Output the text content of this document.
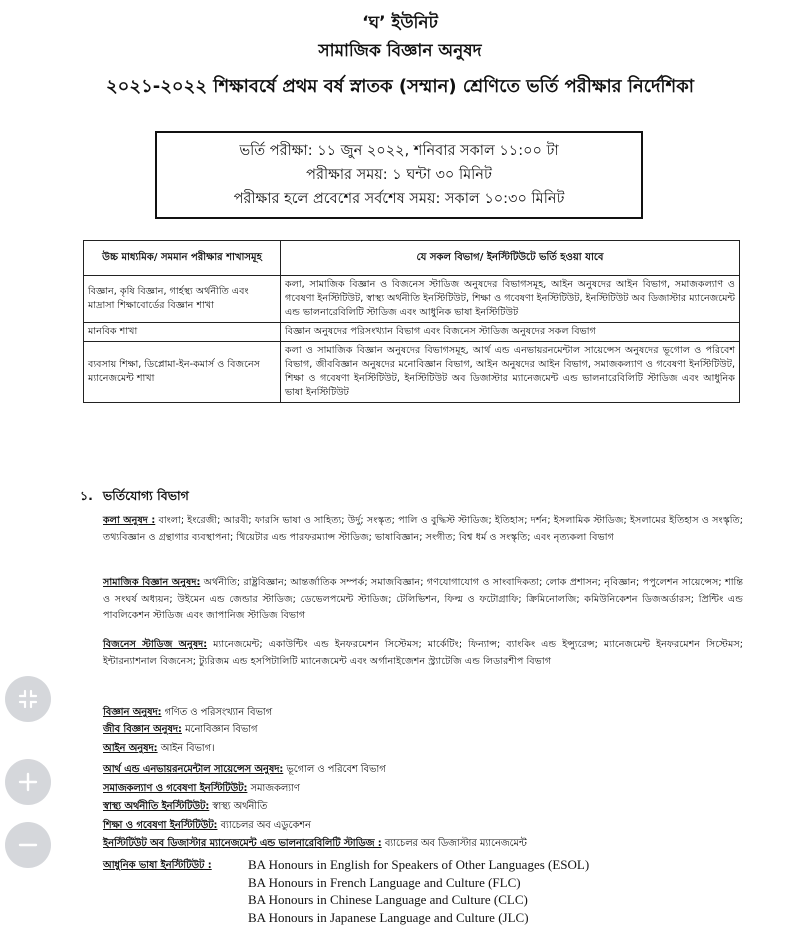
‘ঘ’ ইউনিট
সামাজিক বিজ্ঞান অনুষদ
২০২১-২০২২ শিক্ষাবর্ষে প্রথম বর্ষ স্নাতক (সম্মান) শ্রেণিতে ভর্তি পরীক্ষার নির্দেশিকা
ভর্তি পরীক্ষা: ১১ জুন ২০২২, শনিবার সকাল ১১:০০ টা
পরীক্ষার সময়: ১ ঘন্টা ৩০ মিনিট
পরীক্ষার হলে প্রবেশের সর্বশেষ সময়: সকাল ১০:৩০ মিনিট
উচ্চ মাধ্যমিক/ সমমান পরীক্ষার শাখাসমূহ	যে সকল বিভাগ/ ইনস্টিটিউটে ভর্তি হওয়া যাবে
বিজ্ঞান, কৃষি বিজ্ঞান, গার্হস্থ্য অর্থনীতি এবং মাদ্রাসা শিক্ষাবোর্ডের বিজ্ঞান শাখা	কলা, সামাজিক বিজ্ঞান ও বিজনেস স্টাডিজ অনুষদের বিভাগসমূহ, আইন অনুষদের আইন বিভাগ, সমাজকল্যাণ ও গবেষণা ইনস্টিটিউট, স্বাস্থ্য অর্থনীতি ইনস্টিটিউট, শিক্ষা ও গবেষণা ইনস্টিটিউট, ইনস্টিটিউট অব ডিজাস্টার ম্যানেজমেন্ট এন্ড ভালনারেবিলিটি স্টাডিজ এবং আধুনিক ভাষা ইনস্টিটিউট
মানবিক শাখা	বিজ্ঞান অনুষদের পরিসংখ্যান বিভাগ এবং বিজনেস স্টাডিজ অনুষদের সকল বিভাগ
ব্যবসায় শিক্ষা, ডিপ্লোমা-ইন-কমার্স ও বিজনেস ম্যানেজমেন্ট শাখা	কলা ও সামাজিক বিজ্ঞান অনুষদের বিভাগসমূহ, আর্থ এন্ড এনভায়রনমেন্টাল সায়েন্সেস অনুষদের ভূগোল ও পরিবেশ বিভাগ, জীববিজ্ঞান অনুষদের মনোবিজ্ঞান বিভাগ, আইন অনুষদের আইন বিভাগ, সমাজকল্যাণ ও গবেষণা ইনস্টিটিউট, শিক্ষা ও গবেষণা ইনস্টিটিউট, ইনস্টিটিউট অব ডিজাস্টার ম্যানেজমেন্ট এন্ড ভালনারেবিলিটি স্টাডিজ এবং আধুনিক ভাষা ইনস্টিটিউট
১. ভর্তিযোগ্য বিভাগ
কলা অনুষদ : বাংলা; ইংরেজী; আরবী; ফারসি ভাষা ও সাহিত্য; উর্দু; সংস্কৃত; পালি ও বুদ্ধিস্ট স্টাডিজ; ইতিহাস; দর্শন; ইসলামিক স্টাডিজ; ইসলামের ইতিহাস ও সংস্কৃতি; তথ্যবিজ্ঞান ও গ্রন্থাগার ব্যবস্থাপনা; থিয়েটার এন্ড পারফরম্যান্স স্টাডিজ; ভাষাবিজ্ঞান; সংগীত; বিশ্ব ধর্ম ও সংস্কৃতি; এবং নৃত্যকলা বিভাগ
সামাজিক বিজ্ঞান অনুষদ: অর্থনীতি; রাষ্ট্রবিজ্ঞান; আন্তর্জাতিক সম্পর্ক; সমাজবিজ্ঞান; গণযোগাযোগ ও সাংবাদিকতা; লোক প্রশাসন; নৃবিজ্ঞান; পপুলেশন সায়েন্সেস; শান্তি ও সংঘর্ষ অধ্যয়ন; উইমেন এন্ড জেন্ডার স্টাডিজ; ডেভেলপমেন্ট স্টাডিজ; টেলিভিশন, ফিল্ম ও ফটোগ্রাফি; ক্রিমিনোলজি; কমিউনিকেশন ডিজঅর্ডারস; প্রিন্টিং এন্ড পাবলিকেশন স্টাডিজ এবং জাপানিজ স্টাডিজ বিভাগ
বিজনেস স্টাডিজ অনুষদ: ম্যানেজমেন্ট; একাউন্টিং এন্ড ইনফরমেশন সিস্টেমস; মার্কেটিং; ফিন্যান্স; ব্যাংকিং এন্ড ইন্স্যুরেন্স; ম্যানেজমেন্ট ইনফরমেশন সিস্টেমস; ইন্টারন্যাশনাল বিজনেস; ট্যুরিজম এন্ড হসপিটালিটি ম্যানেজমেন্ট এবং অর্গানাইজেশন স্ট্র্যাটেজি এন্ড লিডারশীপ বিভাগ
বিজ্ঞান অনুষদ: গণিত ও পরিসংখ্যান বিভাগ
জীব বিজ্ঞান অনুষদ: মনোবিজ্ঞান বিভাগ
আইন অনুষদ: আইন বিভাগ।
আর্থ এন্ড এনভায়রনমেন্টাল সায়েন্সেস অনুষদ: ভূগোল ও পরিবেশ বিভাগ
সমাজকল্যাণ ও গবেষণা ইনস্টিটিউট: সমাজকল্যাণ
স্বাস্থ্য অর্থনীতি ইনস্টিটিউট: স্বাস্থ্য অর্থনীতি
শিক্ষা ও গবেষণা ইনস্টিটিউট: ব্যাচেলর অব এডুকেশন
ইনস্টিটিউট অব ডিজাস্টার ম্যানেজমেন্ট এন্ড ভালনারেবিলিটি স্টাডিজ : ব্যাচেলর অব ডিজাস্টার ম্যানেজমেন্ট
আধুনিক ভাষা ইনস্টিটিউট :	BA Honours in English for Speakers of Other Languages (ESOL)
BA Honours in French Language and Culture (FLC)
BA Honours in Chinese Language and Culture (CLC)
BA Honours in Japanese Language and Culture (JLC)
